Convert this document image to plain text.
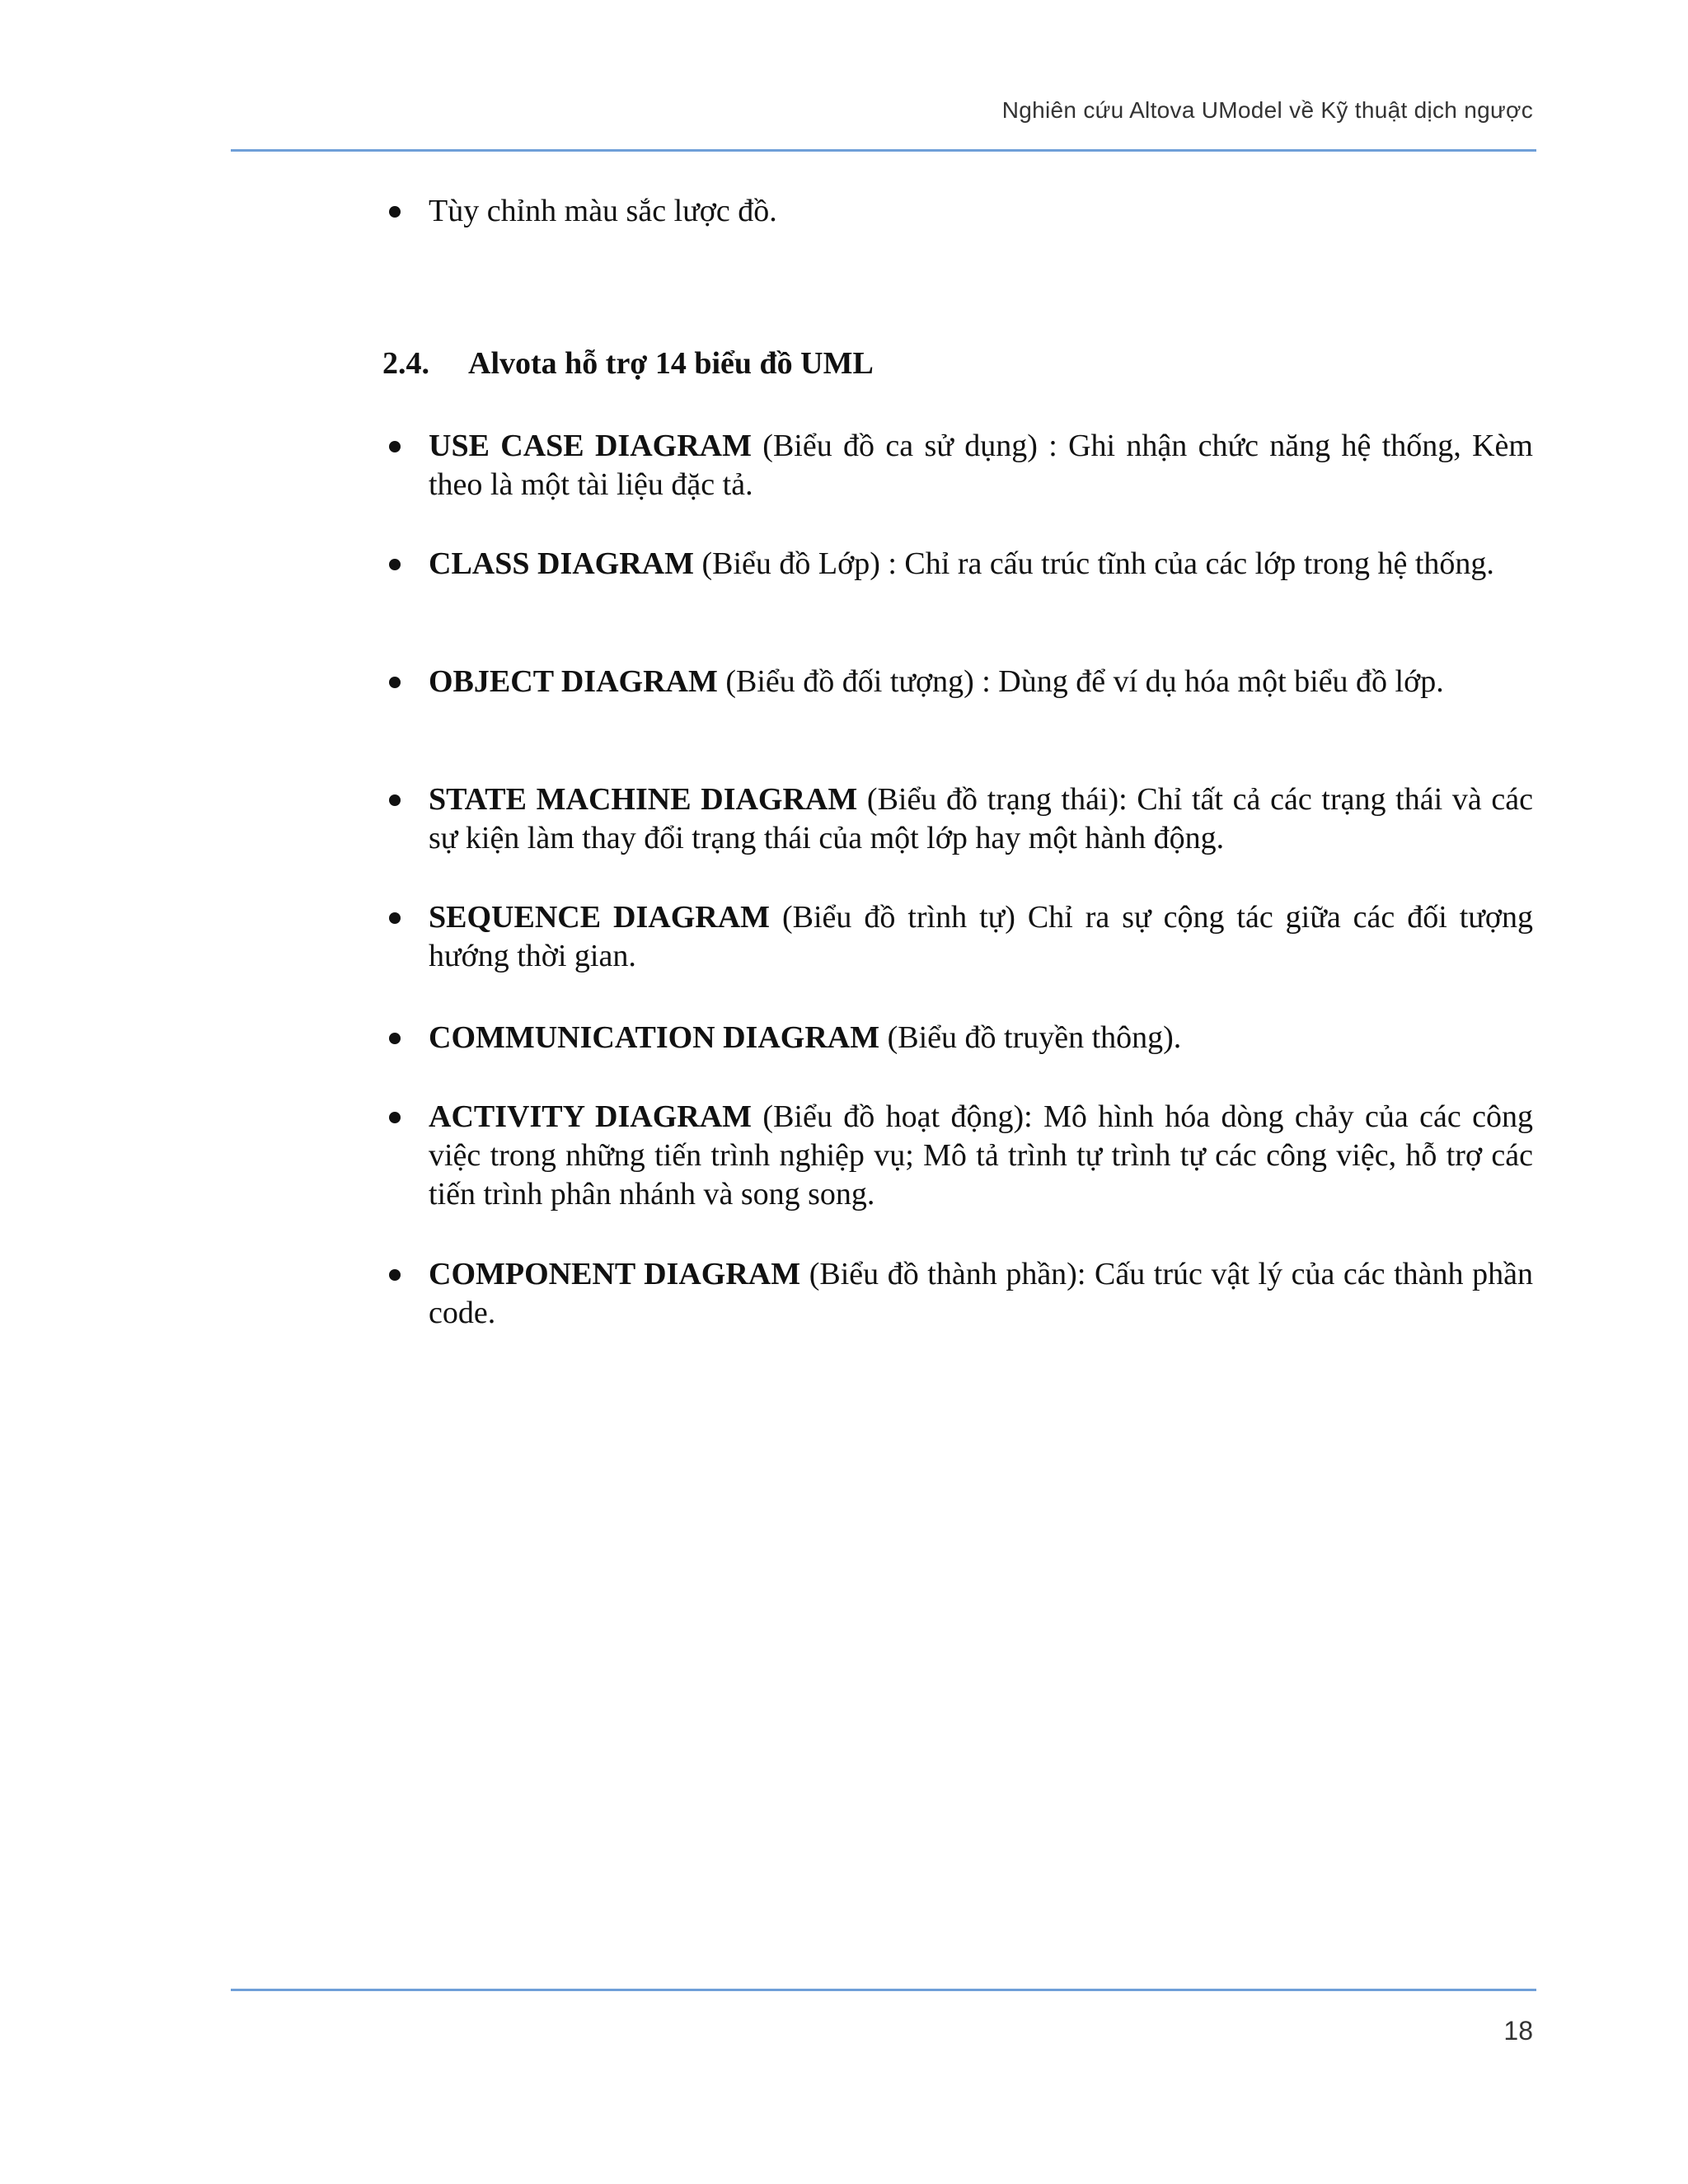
Nghiên cứu Altova UModel về Kỹ thuật dịch ngược
Tùy chỉnh màu sắc lược đồ.
2.4. Alvota hỗ trợ 14 biểu đồ UML
USE CASE DIAGRAM (Biểu đồ ca sử dụng) : Ghi nhận chức năng hệ thống, Kèm theo là một tài liệu đặc tả.
CLASS DIAGRAM (Biểu đồ Lớp) : Chỉ ra cấu trúc tĩnh của các lớp trong hệ thống.
OBJECT DIAGRAM (Biểu đồ đối tượng) : Dùng để ví dụ hóa một biểu đồ lớp.
STATE MACHINE DIAGRAM (Biểu đồ trạng thái): Chỉ tất cả các trạng thái và các sự kiện làm thay đổi trạng thái của một lớp hay một hành động.
SEQUENCE DIAGRAM (Biểu đồ trình tự) Chỉ ra sự cộng tác giữa các đối tượng hướng thời gian.
COMMUNICATION DIAGRAM (Biểu đồ truyền thông).
ACTIVITY DIAGRAM (Biểu đồ hoạt động): Mô hình hóa dòng chảy của các công việc trong những tiến trình nghiệp vụ; Mô tả trình tự trình tự các công việc, hỗ trợ các tiến trình phân nhánh và song song.
COMPONENT DIAGRAM (Biểu đồ thành phần): Cấu trúc vật lý của các thành phần code.
18
